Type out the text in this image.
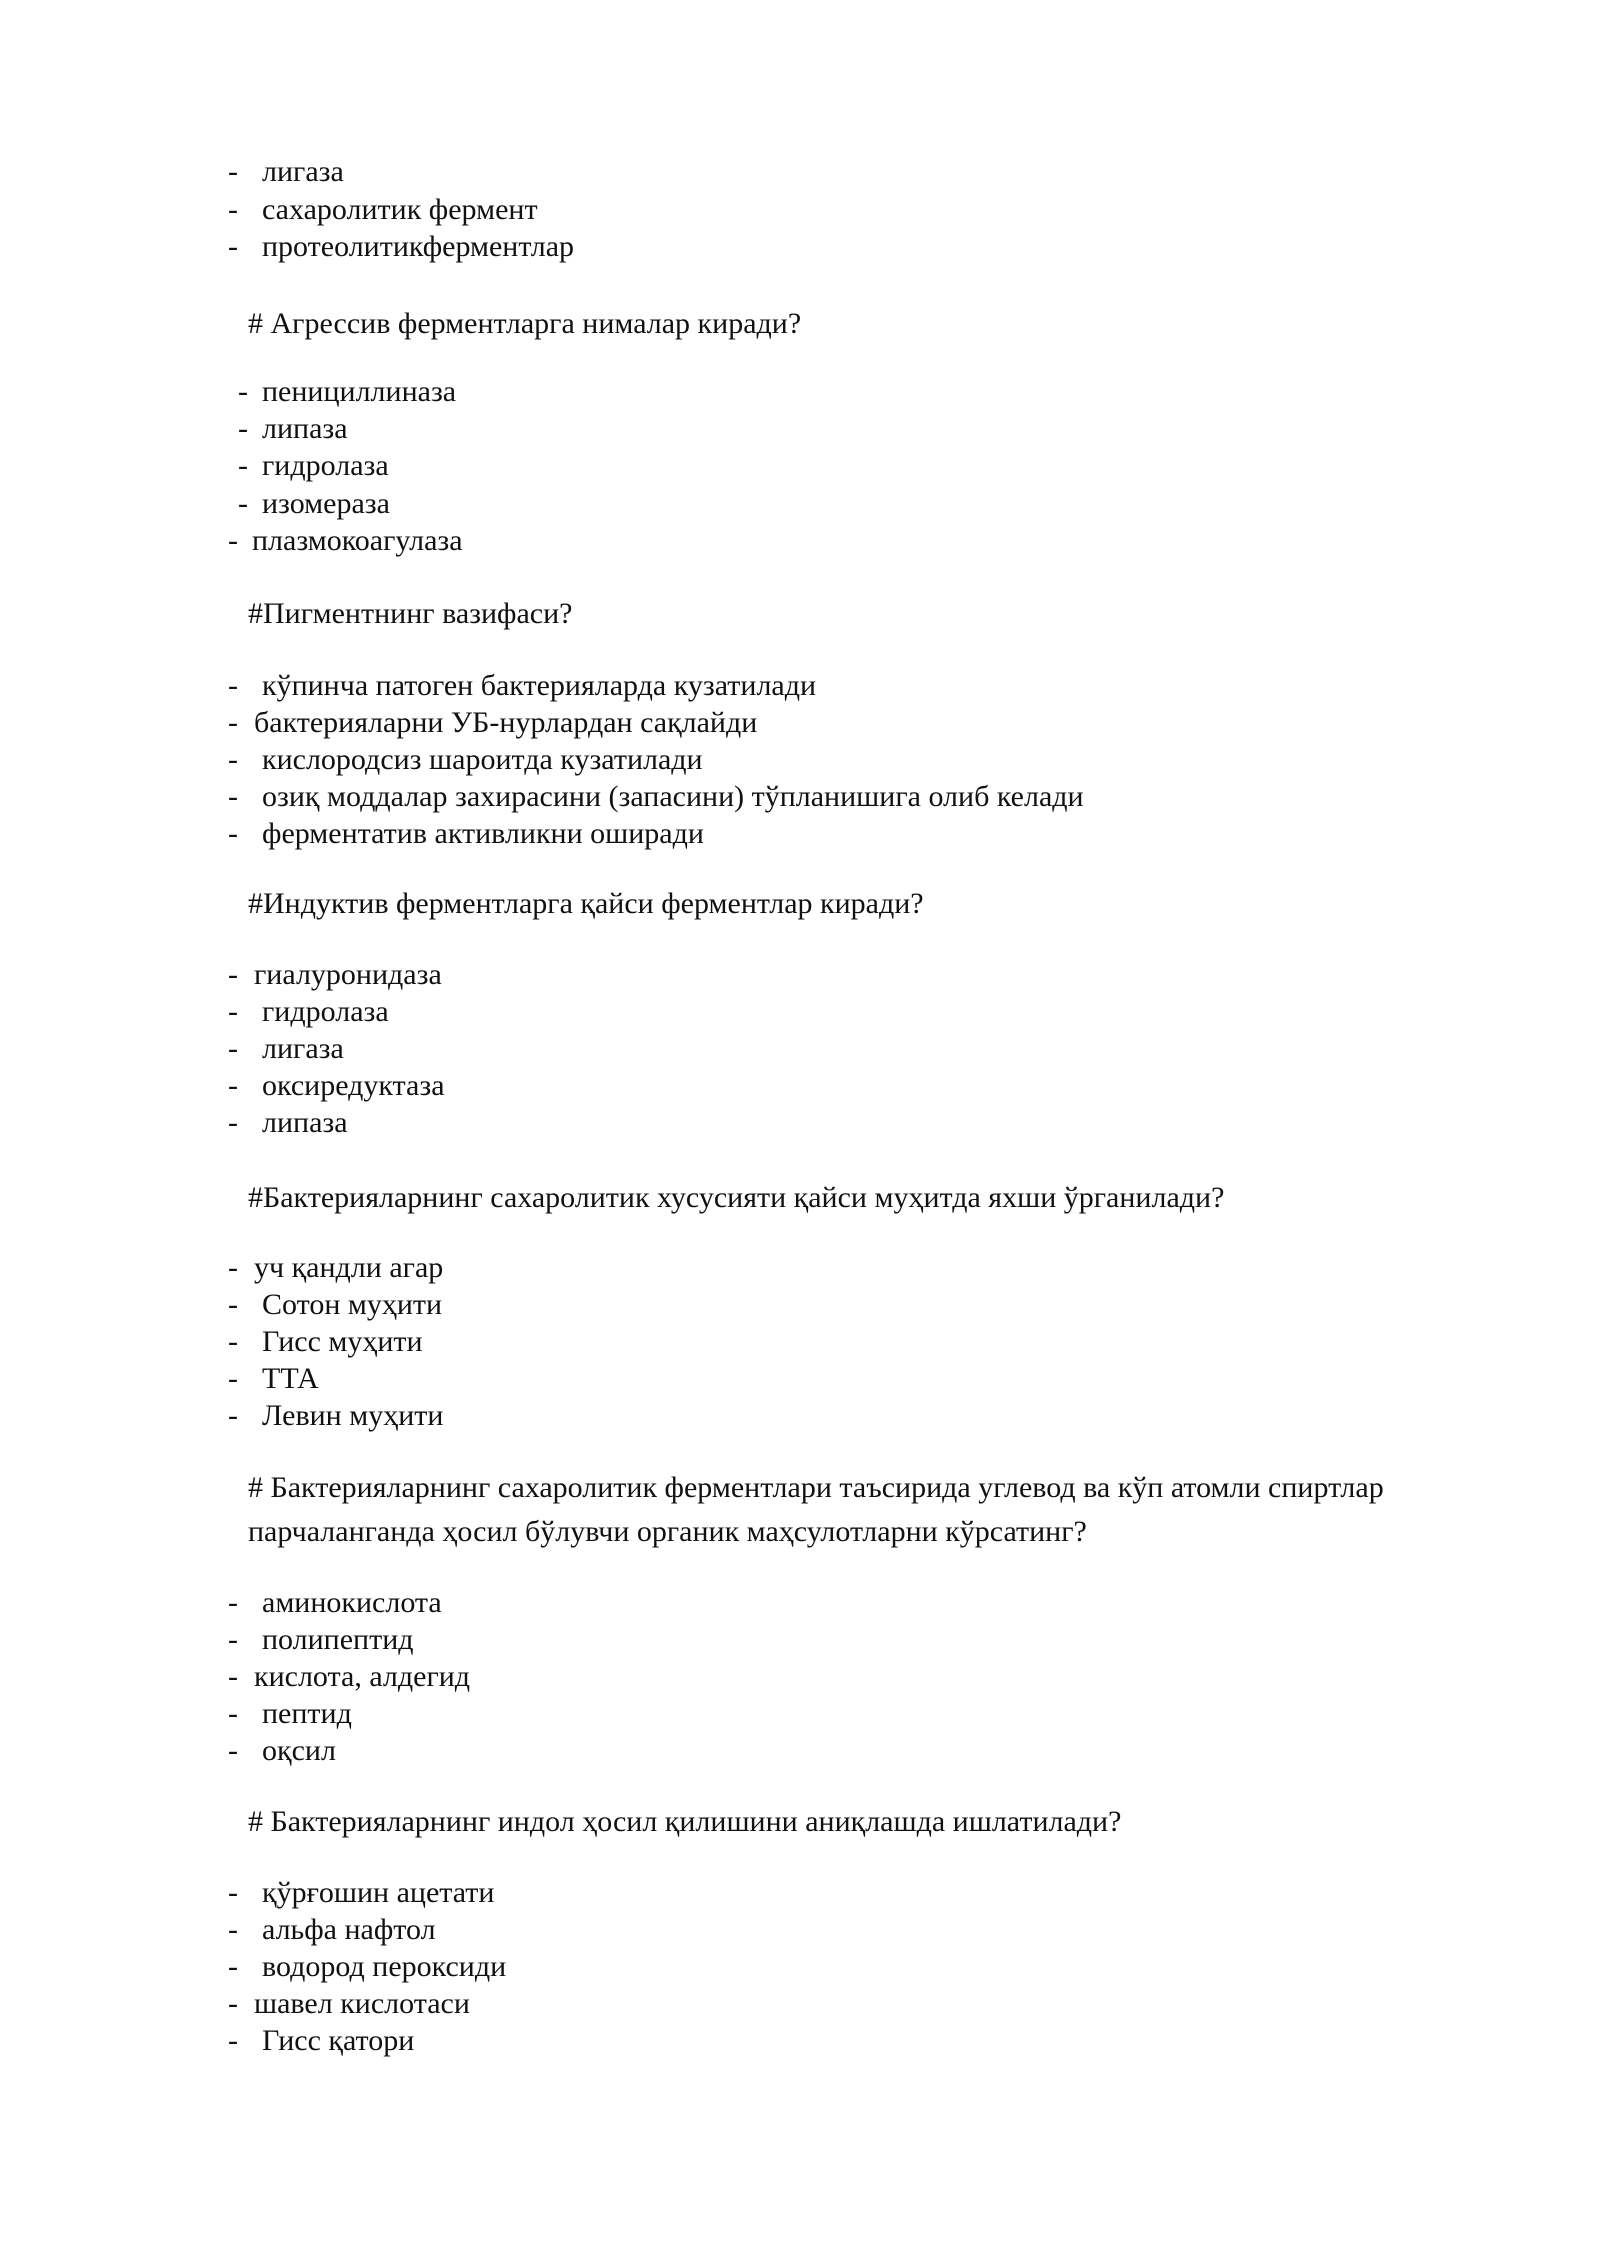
- лигаза
- сахаролитик фермент
- протеолитикферментлар
# Агрессив ферментларга нималар киради?
- пенициллиназа
- липаза
- гидролаза
- изомераза
- плазмокоагулаза
#Пигментнинг вазифаси?
- кўпинча патоген бактерияларда кузатилади
- бактерияларни УБ-нурлардан сақлайди
- кислородсиз шароитда кузатилади
- озиқ моддалар захирасини (запасини) тўпланишига олиб келади
- ферментатив активликни оширади
#Индуктив ферментларга қайси ферментлар киради?
- гиалуронидаза
- гидролаза
- лигаза
- оксиредуктаза
- липаза
#Бактерияларнинг сахаролитик хусусияти қайси муҳитда яхши ўрганилади?
- уч қандли агар
- Сотон муҳити
- Гисс муҳити
- ТТА
- Левин муҳити
# Бактерияларнинг сахаролитик ферментлари таъсирида углевод ва кўп атомли спиртлар парчаланганда ҳосил бўлувчи органик маҳсулотларни кўрсатинг?
- аминокислота
- полипептид
- кислота, алдегид
- пептид
- оқсил
# Бактерияларнинг индол ҳосил қилишини аниқлашда ишлатилади?
- қўрғошин ацетати
- альфа нафтол
- водород пероксиди
- шавел кислотаси
- Гисс қатори
